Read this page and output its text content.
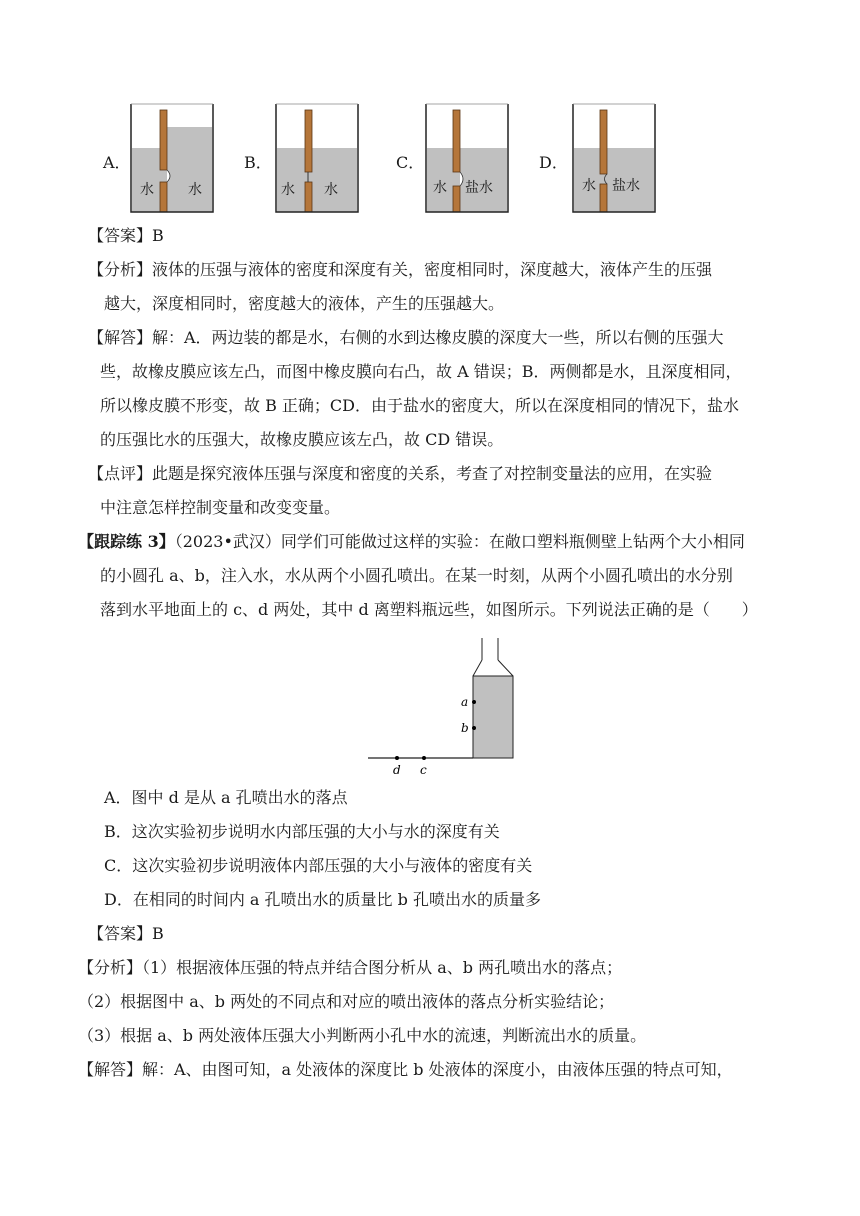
A．	B．	C．	D．
水 水	水 水	水 盐水	水 盐水
【答案】B
【分析】液体的压强与液体的密度和深度有关，密度相同时，深度越大，液体产生的压强
越大，深度相同时，密度越大的液体，产生的压强越大。
【解答】解：A．两边装的都是水，右侧的水到达橡皮膜的深度大一些，所以右侧的压强大
些，故橡皮膜应该左凸，而图中橡皮膜向右凸，故 A 错误；B．两侧都是水，且深度相同，
所以橡皮膜不形变，故 B 正确；CD．由于盐水的密度大，所以在深度相同的情况下，盐水
的压强比水的压强大，故橡皮膜应该左凸，故 CD 错误。
【点评】此题是探究液体压强与深度和密度的关系，考查了对控制变量法的应用，在实验
中注意怎样控制变量和改变变量。
【跟踪练 3】（2023•武汉）同学们可能做过这样的实验：在敞口塑料瓶侧壁上钻两个大小相同
的小圆孔 a、b，注入水，水从两个小圆孔喷出。在某一时刻，从两个小圆孔喷出的水分别
落到水平地面上的 c、d 两处，其中 d 离塑料瓶远些，如图所示。下列说法正确的是（　　）
a
b
d c
A．图中 d 是从 a 孔喷出水的落点
B．这次实验初步说明水内部压强的大小与水的深度有关
C．这次实验初步说明液体内部压强的大小与液体的密度有关
D．在相同的时间内 a 孔喷出水的质量比 b 孔喷出水的质量多
【答案】B
【分析】（1）根据液体压强的特点并结合图分析从 a、b 两孔喷出水的落点；
（2）根据图中 a、b 两处的不同点和对应的喷出液体的落点分析实验结论；
（3）根据 a、b 两处液体压强大小判断两小孔中水的流速，判断流出水的质量。
【解答】解：A、由图可知，a 处液体的深度比 b 处液体的深度小，由液体压强的特点可知，
